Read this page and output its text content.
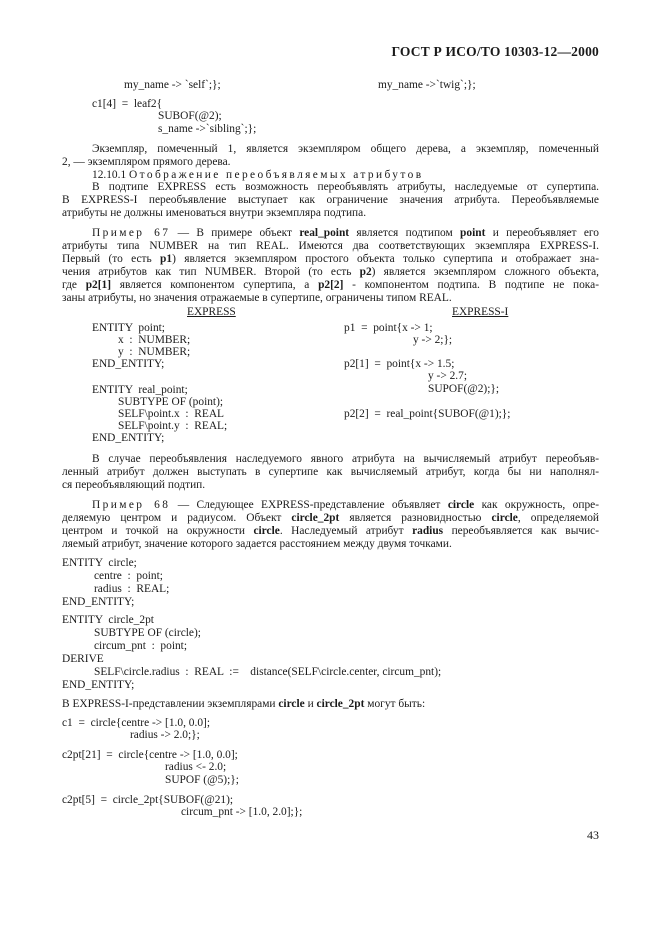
ГОСТ Р ИСО/ТО 10303-12—2000
my_name -> `self`;};	my_name ->`twig`;};
c1[4]  =  leaf2{
SUBOF(@2);
s_name ->`sibling`;};
Экземпляр, помеченный 1, является экземпляром общего дерева, а экземпляр, помеченный
2, — экземпляром прямого дерева.
12.10.1 Отображение переобъявляемых атрибутов
В подтипе EXPRESS есть возможность переобъявлять атрибуты, наследуемые от супертипа.
В EXPRESS-I переобъявление выступает как ограничение значения атрибута. Переобъявляемые
атрибуты не должны именоваться внутри экземпляра подтипа.
Пример 67 — В примере объект real_point является подтипом point и переобъявляет его
атрибуты типа NUMBER на тип REAL. Имеются два соответствующих экземпляра EXPRESS-I.
Первый (то есть p1) является экземпляром простого объекта только супертипа и отображает зна-
чения атрибутов как тип NUMBER. Второй (то есть p2) является экземпляром сложного объекта,
где p2[1] является компонентом супертипа, а p2[2] - компонентом подтипа. В подтипе не пока-
заны атрибуты, но значения отражаемые в супертипе, ограничены типом REAL.
EXPRESS	EXPRESS-I
ENTITY  point;
x  :  NUMBER;
y  :  NUMBER;
END_ENTITY;
ENTITY  real_point;
SUBTYPE OF (point);
SELF\point.x  :  REAL
SELF\point.y  :  REAL;
END_ENTITY;
p1  =  point{x -> 1;
y -> 2;};
p2[1]  =  point{x -> 1.5;
y -> 2.7;
SUPOF(@2);};
p2[2]  =  real_point{SUBOF(@1);};
В случае переобъявления наследуемого явного атрибута на вычисляемый атрибут переобъяв-
ленный атрибут должен выступать в супертипе как вычисляемый атрибут, когда бы ни наполнял-
ся переобъявляющий подтип.
Пример 68 — Следующее EXPRESS-представление объявляет circle как окружность, опре-
деляемую центром и радиусом. Объект circle_2pt является разновидностью circle, определяемой
центром и точкой на окружности circle. Наследуемый атрибут radius переобъявляется как вычис-
ляемый атрибут, значение которого задается расстоянием между двумя точками.
ENTITY  circle;
centre  :  point;
radius  :  REAL;
END_ENTITY;
ENTITY  circle_2pt
SUBTYPE OF (circle);
circum_pnt  :  point;
DERIVE
SELF\circle.radius  :  REAL  :=    distance(SELF\circle.center, circum_pnt);
END_ENTITY;
В EXPRESS-I-представлении экземплярами circle и circle_2pt могут быть:
c1  =  circle{centre -> [1.0, 0.0];
radius -> 2.0;};
c2pt[21]  =  circle{centre -> [1.0, 0.0];
radius <- 2.0;
SUPOF (@5);};
c2pt[5]  =  circle_2pt{SUBOF(@21);
circum_pnt -> [1.0, 2.0];};
43
